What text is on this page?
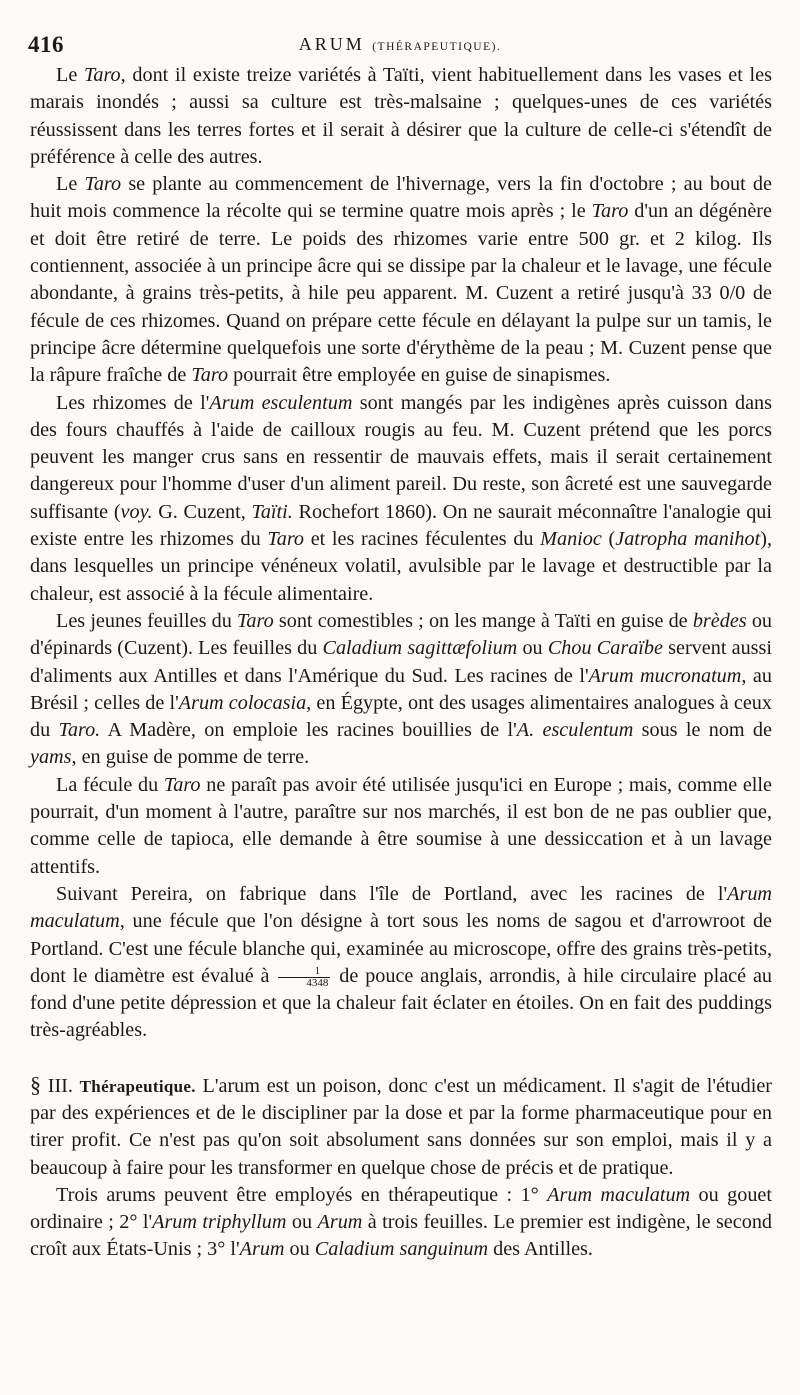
416	ARUM (THÉRAPEUTIQUE).

Le Taro, dont il existe treize variétés à Taïti, vient habituellement dans les vases et les marais inondés ; aussi sa culture est très-malsaine ; quelques-unes de ces variétés réussissent dans les terres fortes et il serait à désirer que la culture de celle-ci s'étendît de préférence à celle des autres.

Le Taro se plante au commencement de l'hivernage, vers la fin d'octobre ; au bout de huit mois commence la récolte qui se termine quatre mois après ; le Taro d'un an dégénère et doit être retiré de terre. Le poids des rhizomes varie entre 500 gr. et 2 kilog. Ils contiennent, associée à un principe âcre qui se dissipe par la chaleur et le lavage, une fécule abondante, à grains très-petits, à hile peu apparent. M. Cuzent a retiré jusqu'à 33 0/0 de fécule de ces rhizomes. Quand on prépare cette fécule en délayant la pulpe sur un tamis, le principe âcre détermine quelquefois une sorte d'érythème de la peau ; M. Cuzent pense que la râpure fraîche de Taro pourrait être employée en guise de sinapismes.

Les rhizomes de l'Arum esculentum sont mangés par les indigènes après cuisson dans des fours chauffés à l'aide de cailloux rougis au feu. M. Cuzent prétend que les porcs peuvent les manger crus sans en ressentir de mauvais effets, mais il serait certainement dangereux pour l'homme d'user d'un aliment pareil. Du reste, son âcreté est une sauvegarde suffisante (voy. G. Cuzent, Taïti. Rochefort 1860). On ne saurait méconnaître l'analogie qui existe entre les rhizomes du Taro et les racines féculentes du Manioc (Jatropha manihot), dans lesquelles un principe vénéneux volatil, avulsible par le lavage et destructible par la chaleur, est associé à la fécule alimentaire.

Les jeunes feuilles du Taro sont comestibles ; on les mange à Taïti en guise de brèdes ou d'épinards (Cuzent). Les feuilles du Caladium sagittæfolium ou Chou Caraïbe servent aussi d'aliments aux Antilles et dans l'Amérique du Sud. Les racines de l'Arum mucronatum, au Brésil ; celles de l'Arum colocasia, en Égypte, ont des usages alimentaires analogues à ceux du Taro. A Madère, on emploie les racines bouillies de l'A. esculentum sous le nom de yams, en guise de pomme de terre.

La fécule du Taro ne paraît pas avoir été utilisée jusqu'ici en Europe ; mais, comme elle pourrait, d'un moment à l'autre, paraître sur nos marchés, il est bon de ne pas oublier que, comme celle de tapioca, elle demande à être soumise à une dessiccation et à un lavage attentifs.

Suivant Pereira, on fabrique dans l'île de Portland, avec les racines de l'Arum maculatum, une fécule que l'on désigne à tort sous les noms de sagou et d'arrowroot de Portland. C'est une fécule blanche qui, examinée au microscope, offre des grains très-petits, dont le diamètre est évalué à $\frac{1}{4348}$ de pouce anglais, arrondis, à hile circulaire placé au fond d'une petite dépression et que la chaleur fait éclater en étoiles. On en fait des puddings très-agréables.

§ III. Thérapeutique. L'arum est un poison, donc c'est un médicament. Il s'agit de l'étudier par des expériences et de le discipliner par la dose et par la forme pharmaceutique pour en tirer profit. Ce n'est pas qu'on soit absolument sans données sur son emploi, mais il y a beaucoup à faire pour les transformer en quelque chose de précis et de pratique.

Trois arums peuvent être employés en thérapeutique : 1° Arum maculatum ou gouet ordinaire ; 2° l'Arum triphyllum ou Arum à trois feuilles. Le premier est indigène, le second croît aux États-Unis ; 3° l'Arum ou Caladium sanguinum des Antilles.
